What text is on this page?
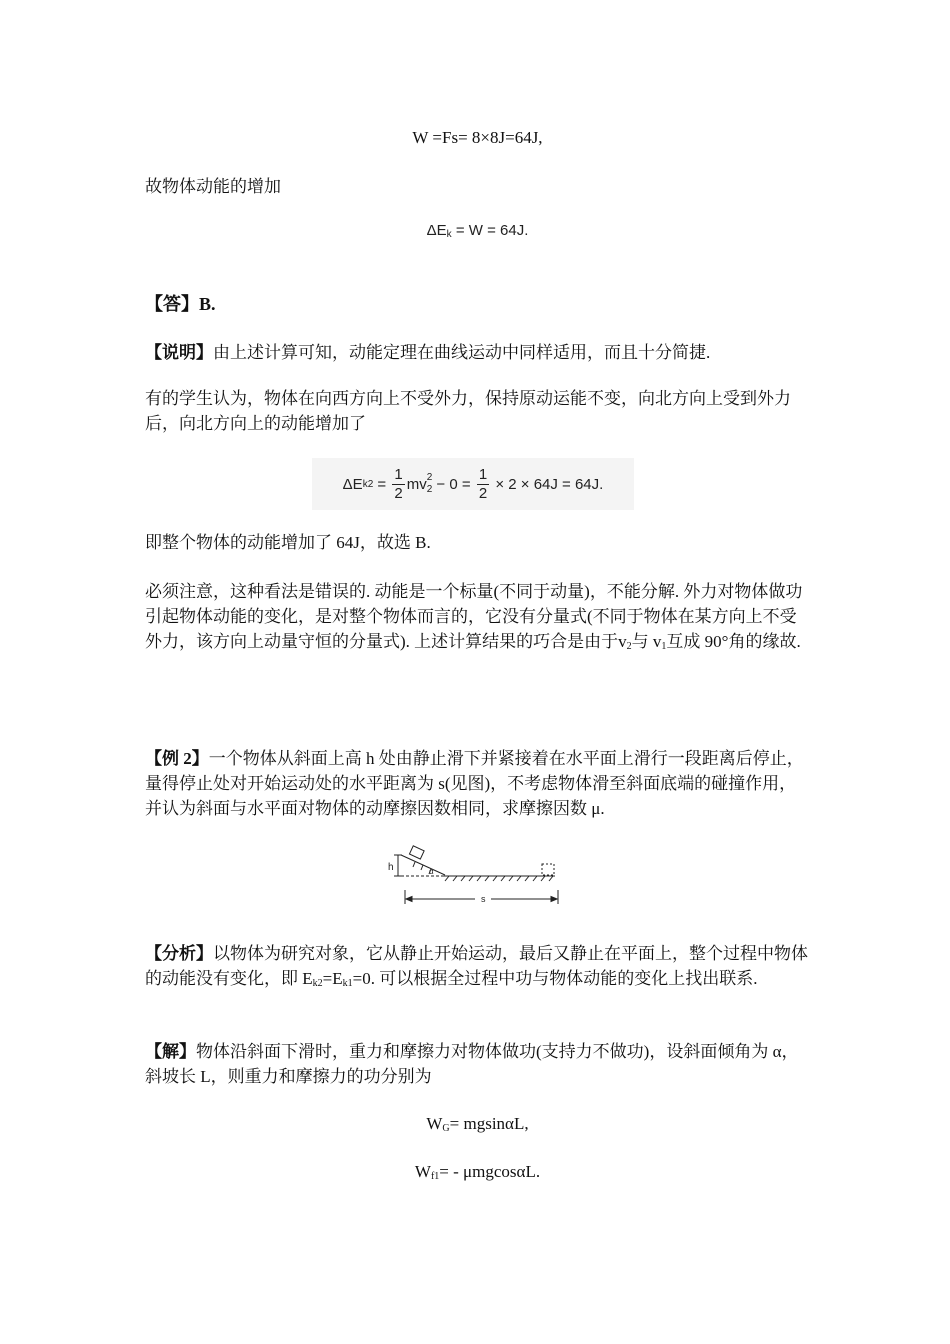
W =Fs= 8×8J=64J,

故物体动能的增加

$\Delta E_k = W = 64J$.

【答】B.

【说明】由上述计算可知，动能定理在曲线运动中同样适用，而且十分简捷.

有的学生认为，物体在向西方向上不受外力，保持原动运能不变，向北方向上受到外力后，向北方向上的动能增加了

ΔE $k2 = \frac{1}{2}$ mv 2
$2 - 0 = \frac{1}{2} \times 2 \times 64J = 64J$.

即整个物体的动能增加了 64J，故选 B.

必须注意，这种看法是错误的. 动能是一个标量(不同于动量)，不能分解. 外力对物体做功引起物体动能的变化，是对整个物体而言的，它没有分量式(不同于物体在某方向上不受外力，该方向上动量守恒的分量式). 上述计算结果的巧合是由于$v_2$与 $v_1$互成 90°角的缘故.

【例 2】一个物体从斜面上高 h 处由静止滑下并紧接着在水平面上滑行一段距离后停止，量得停止处对开始运动处的水平距离为 s(见图)，不考虑物体滑至斜面底端的碰撞作用，并认为斜面与水平面对物体的动摩擦因数相同，求摩擦因数 μ.

h
s
α

【分析】以物体为研究对象，它从静止开始运动，最后又静止在平面上，整个过程中物体的动能没有变化，即 $E_{k2}=E_{k1}=0$. 可以根据全过程中功与物体动能的变化上找出联系.

【解】物体沿斜面下滑时，重力和摩擦力对物体做功(支持力不做功)，设斜面倾角为 α，斜坡长 L，则重力和摩擦力的功分别为

$W_G= mgsin\alpha L$,

$W_{f1}= - \mu mgcos\alpha L$.
